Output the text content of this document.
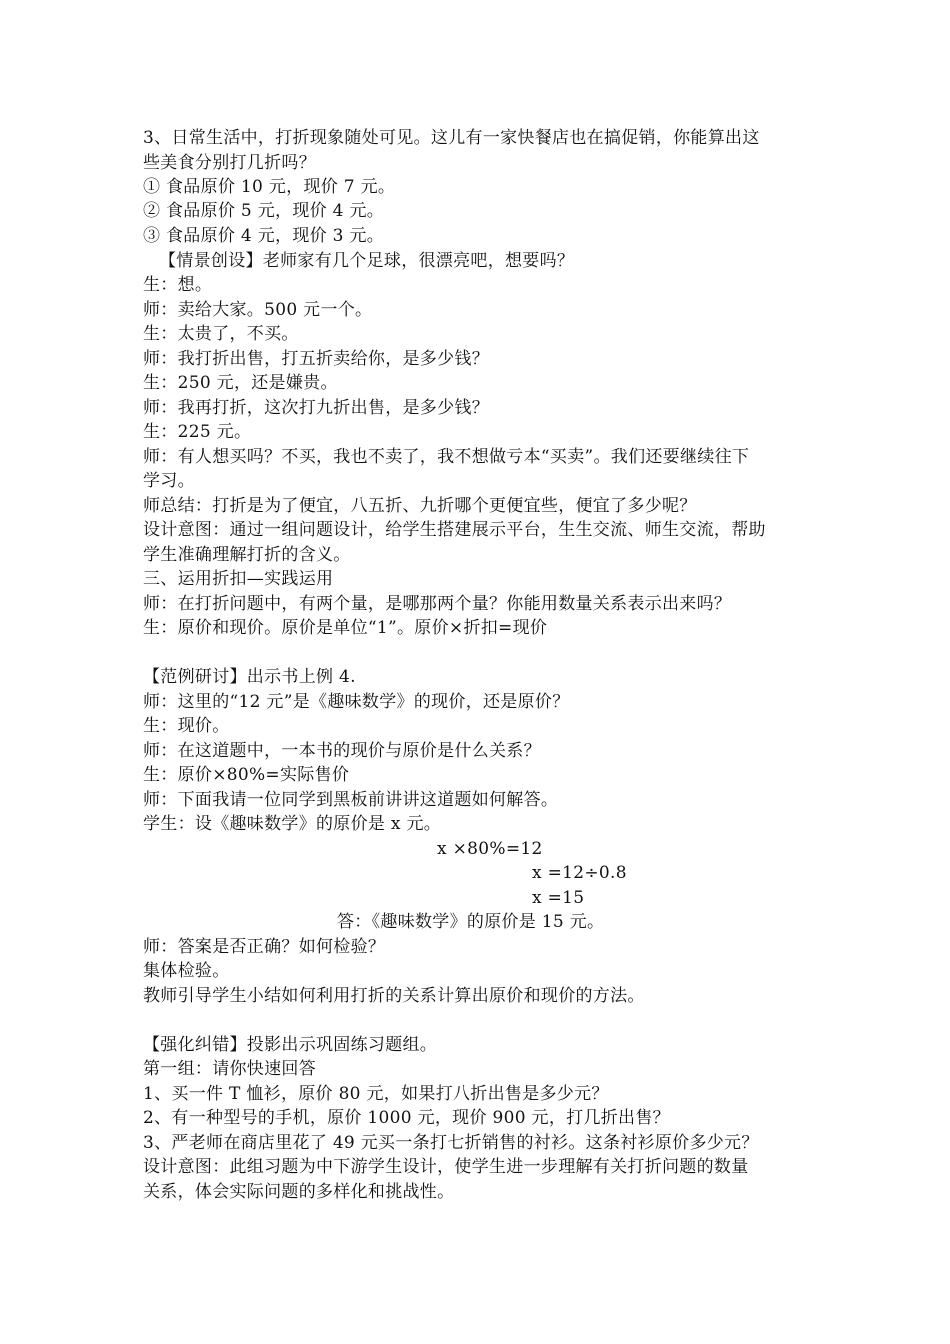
3、日常生活中，打折现象随处可见。这儿有一家快餐店也在搞促销，你能算出这
些美食分别打几折吗？
① 食品原价 10 元，现价 7 元。
② 食品原价 5 元，现价 4 元。
③ 食品原价 4 元，现价 3 元。
【情景创设】老师家有几个足球，很漂亮吧，想要吗？
生：想。
师：卖给大家。500 元一个。
生：太贵了，不买。
师：我打折出售，打五折卖给你，是多少钱？
生：250 元，还是嫌贵。
师：我再打折，这次打九折出售，是多少钱？
生：225 元。
师：有人想买吗？不买，我也不卖了，我不想做亏本“买卖”。我们还要继续往下
学习。
师总结：打折是为了便宜，八五折、九折哪个更便宜些，便宜了多少呢？
设计意图：通过一组问题设计，给学生搭建展示平台，生生交流、师生交流，帮助
学生准确理解打折的含义。
三、运用折扣—实践运用
师：在打折问题中，有两个量，是哪那两个量？你能用数量关系表示出来吗？
生：原价和现价。原价是单位“1”。原价×折扣=现价
【范例研讨】出示书上例 4.
师：这里的“12 元”是《趣味数学》的现价，还是原价？
生：现价。
师：在这道题中，一本书的现价与原价是什么关系？
生：原价×80%=实际售价
师：下面我请一位同学到黑板前讲讲这道题如何解答。
学生：设《趣味数学》的原价是 x 元。
x ×80%=12
x =12÷0.8
x =15
答：《趣味数学》的原价是 15 元。
师：答案是否正确？如何检验？
集体检验。
教师引导学生小结如何利用打折的关系计算出原价和现价的方法。
【强化纠错】投影出示巩固练习题组。
第一组：请你快速回答
1、买一件 T 恤衫，原价 80 元，如果打八折出售是多少元？
2、有一种型号的手机，原价 1000 元，现价 900 元，打几折出售？
3、严老师在商店里花了 49 元买一条打七折销售的衬衫。这条衬衫原价多少元？
设计意图：此组习题为中下游学生设计，使学生进一步理解有关打折问题的数量
关系，体会实际问题的多样化和挑战性。
